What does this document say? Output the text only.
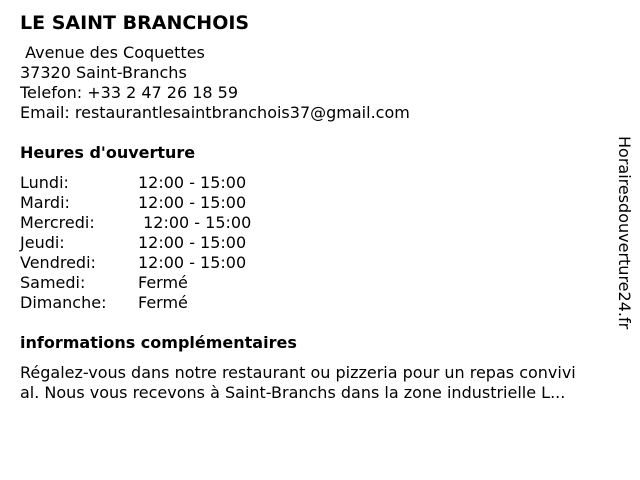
LE SAINT BRANCHOIS
Avenue des Coquettes
37320 Saint-Branchs
Telefon: +33 2 47 26 18 59
Email: restaurantlesaintbranchois37@gmail.com
Heures d'ouverture
Lundi:	12:00 - 15:00
Mardi:	12:00 - 15:00
Mercredi:	12:00 - 15:00
Jeudi:	12:00 - 15:00
Vendredi:	12:00 - 15:00
Samedi:	Fermé
Dimanche:	Fermé
informations complémentaires
Régalez-vous dans notre restaurant ou pizzeria pour un repas convivi
al. Nous vous recevons à Saint-Branchs dans la zone industrielle L...
Horairesdouverture24.fr
